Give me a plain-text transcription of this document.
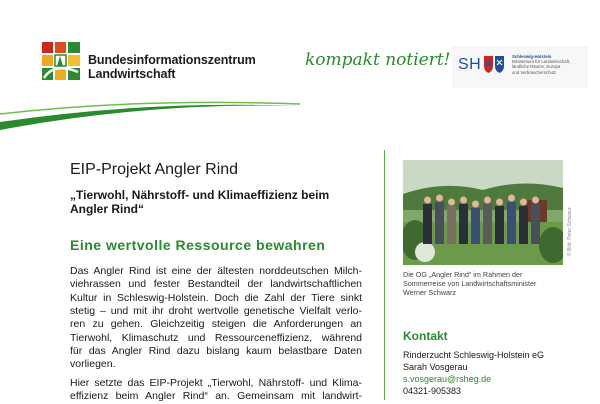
Bundesinformationszentrum
Landwirtschaft
kompakt notiert! SH	Schleswig-Holstein
Ministerium für Landwirtschaft,
ländliche Räume, Europa
und Verbraucherschutz
EIP-Projekt Angler Rind
„Tierwohl, Nährstoff- und Klimaeffizienz beim
Angler Rind“
Eine wertvolle Ressource bewahren
Das Angler Rind ist eine der ältesten norddeutschen Milch-
viehrassen und fester Bestandteil der landwirtschaftlichen
Kultur in Schleswig-Holstein. Doch die Zahl der Tiere sinkt
stetig – und mit ihr droht wertvolle genetische Vielfalt verlo-
ren zu gehen. Gleichzeitig steigen die Anforderungen an
Tierwohl, Klimaschutz und Ressourceneffizienz, während
für das Angler Rind dazu bislang kaum belastbare Daten
vorliegen.
Hier setzte das EIP-Projekt „Tierwohl, Nährstoff- und Klima-
effizienz beim Angler Rind“ an. Gemeinsam mit landwirt-
© Bild: Peter Schwarz
Die OG „Angler Rind“ im Rahmen der
Sommerreise von Landwirtschaftsminister
Werner Schwarz
Kontakt
Rinderzucht Schleswig-Holstein eG
Sarah Vosgerau
s.vosgerau@rsheg.de
04321-905383
